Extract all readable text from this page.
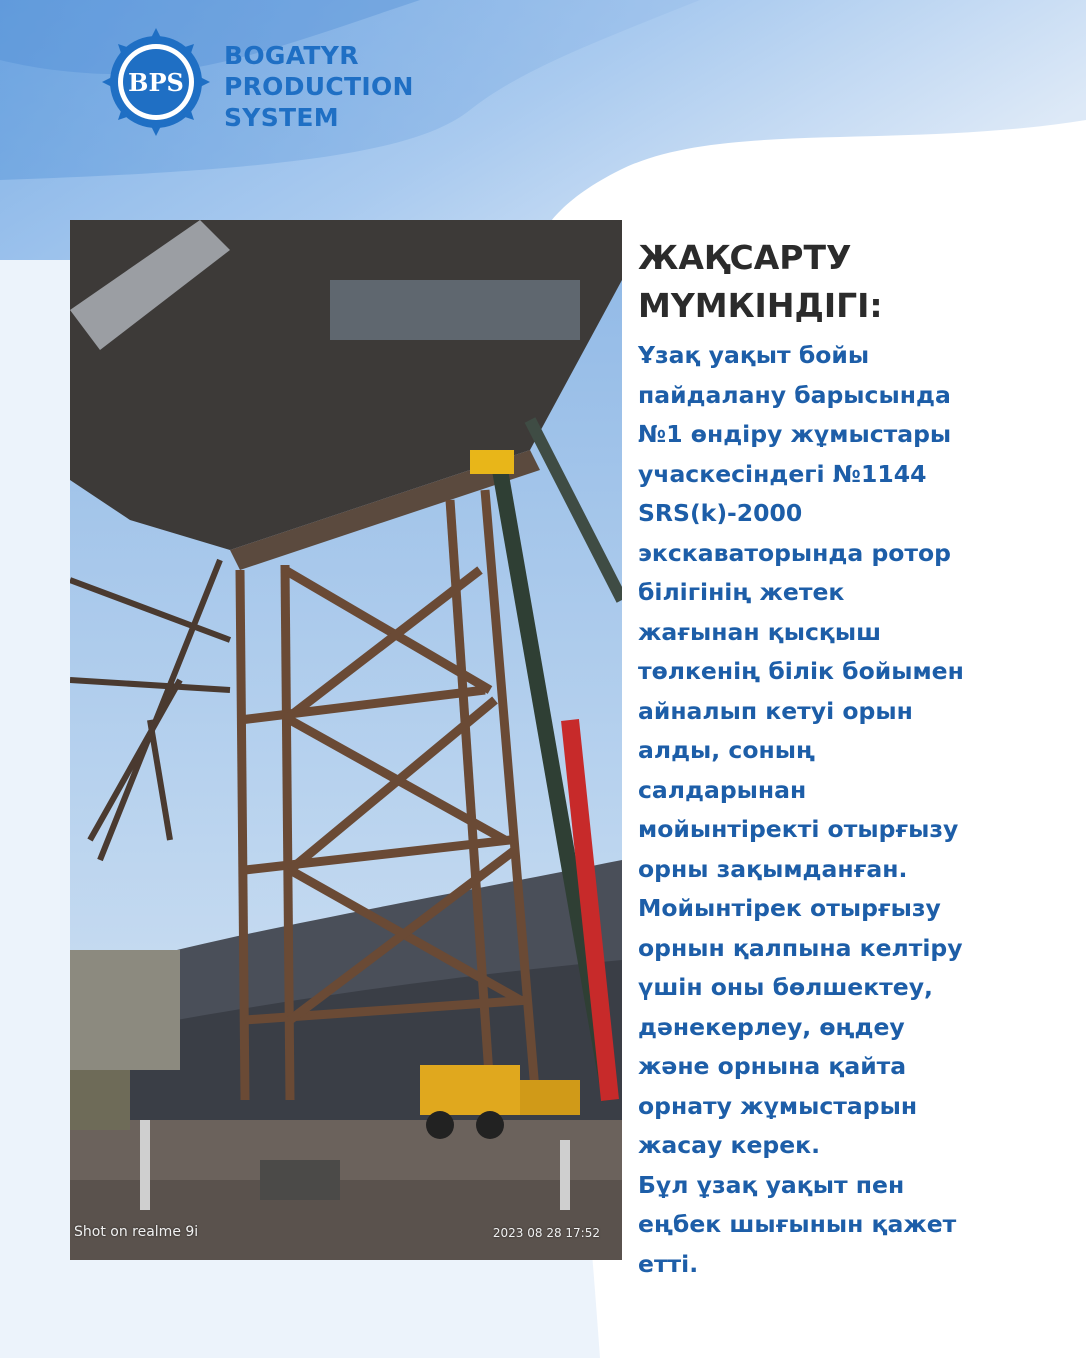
BPS
BOGATYR
PRODUCTION
SYSTEM
Shot on realme 9i	2023 08 28 17:52
ЖАҚСАРТУ
МҮМКІНДІГІ:
Ұзақ уақыт бойы
пайдалану барысында
№1 өндіру жұмыстары
учаскесіндегі №1144
SRS(k)-2000
экскаваторында ротор
білігінің жетек
жағынан қысқыш
төлкенің білік бойымен
айналып кетуі орын
алды, соның
салдарынан
мойынтіректі отырғызу
орны зақымданған.
Мойынтірек отырғызу
орнын қалпына келтіру
үшін оны бөлшектеу,
дәнекерлеу, өңдеу
және орнына қайта
орнату жұмыстарын
жасау керек.
Бұл ұзақ уақыт пен
еңбек шығынын қажет
етті.
